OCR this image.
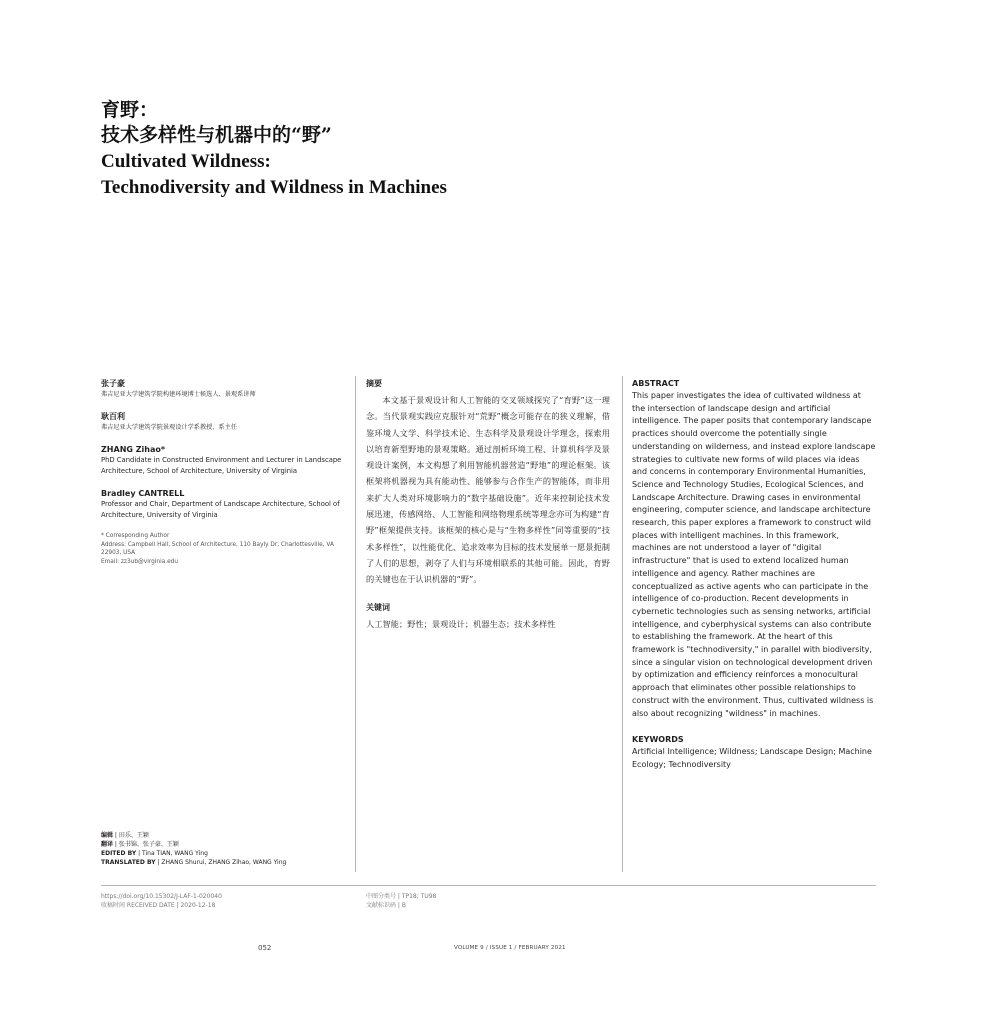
育野：
技术多样性与机器中的“野”
Cultivated Wildness:
Technodiversity and Wildness in Machines

张子豪

弗吉尼亚大学建筑学院构建环境博士候选人、景观系讲师

耿百利

弗吉尼亚大学建筑学院景观设计学系教授、系主任

ZHANG Zihao*

PhD Candidate in Constructed Environment and Lecturer in Landscape Architecture, School of Architecture, University of Virginia

Bradley CANTRELL

Professor and Chair, Department of Landscape Architecture, School of Architecture, University of Virginia

* Corresponding Author
Address: Campbell Hall, School of Architecture, 110 Bayly Dr, Charlottesville, VA 22903, USA
Email: zz3ub@virginia.edu

摘要

本文基于景观设计和人工智能的交叉领域探究了“育野”这一理念。当代景观实践应克服针对“荒野”概念可能存在的狭义理解，借鉴环境人文学、科学技术论、生态科学及景观设计学理念，探索用以培育新型野地的景观策略。通过剖析环境工程、计算机科学及景观设计案例，本文构想了利用智能机器营造“野地”的理论框架。该框架将机器视为具有能动性、能够参与合作生产的智能体，而非用来扩大人类对环境影响力的“数字基础设施”。近年来控制论技术发展迅速，传感网络、人工智能和网络物理系统等理念亦可为构建“育野”框架提供支持。该框架的核心是与“生物多样性”同等重要的“技术多样性”，以性能优化、追求效率为目标的技术发展单一愿景扼制了人们的思想，剥夺了人们与环境相联系的其他可能。因此，育野的关键也在于认识机器的“野”。

关键词

人工智能；野性；景观设计；机器生态；技术多样性

ABSTRACT

This paper investigates the idea of cultivated wildness at the intersection of landscape design and artificial intelligence. The paper posits that contemporary landscape practices should overcome the potentially single understanding on wilderness, and instead explore landscape strategies to cultivate new forms of wild places via ideas and concerns in contemporary Environmental Humanities, Science and Technology Studies, Ecological Sciences, and Landscape Architecture. Drawing cases in environmental engineering, computer science, and landscape architecture research, this paper explores a framework to construct wild places with intelligent machines. In this framework, machines are not understood a layer of "digital infrastructure" that is used to extend localized human intelligence and agency. Rather machines are conceptualized as active agents who can participate in the intelligence of co-production. Recent developments in cybernetic technologies such as sensing networks, artificial intelligence, and cyberphysical systems can also contribute to establishing the framework. At the heart of this framework is "technodiversity," in parallel with biodiversity, since a singular vision on technological development driven by optimization and efficiency reinforces a monocultural approach that eliminates other possible relationships to construct with the environment. Thus, cultivated wildness is also about recognizing "wildness" in machines.

KEYWORDS

Artificial Intelligence; Wildness; Landscape Design; Machine Ecology; Technodiversity

编辑 | 田乐、王颖

翻译 | 张书锦、张子豪、王颖

EDITED BY | Tina TIAN, WANG Ying

TRANSLATED BY | ZHANG Shurui, ZHANG Zihao, WANG Ying

https://doi.org/10.15302/J-LAF-1-020040
收稿时间 RECEIVED DATE | 2020-12-18
中图分类号 | TP18; TU98
文献标识码 | B
052	VOLUME 9 / ISSUE 1 / FEBRUARY 2021
